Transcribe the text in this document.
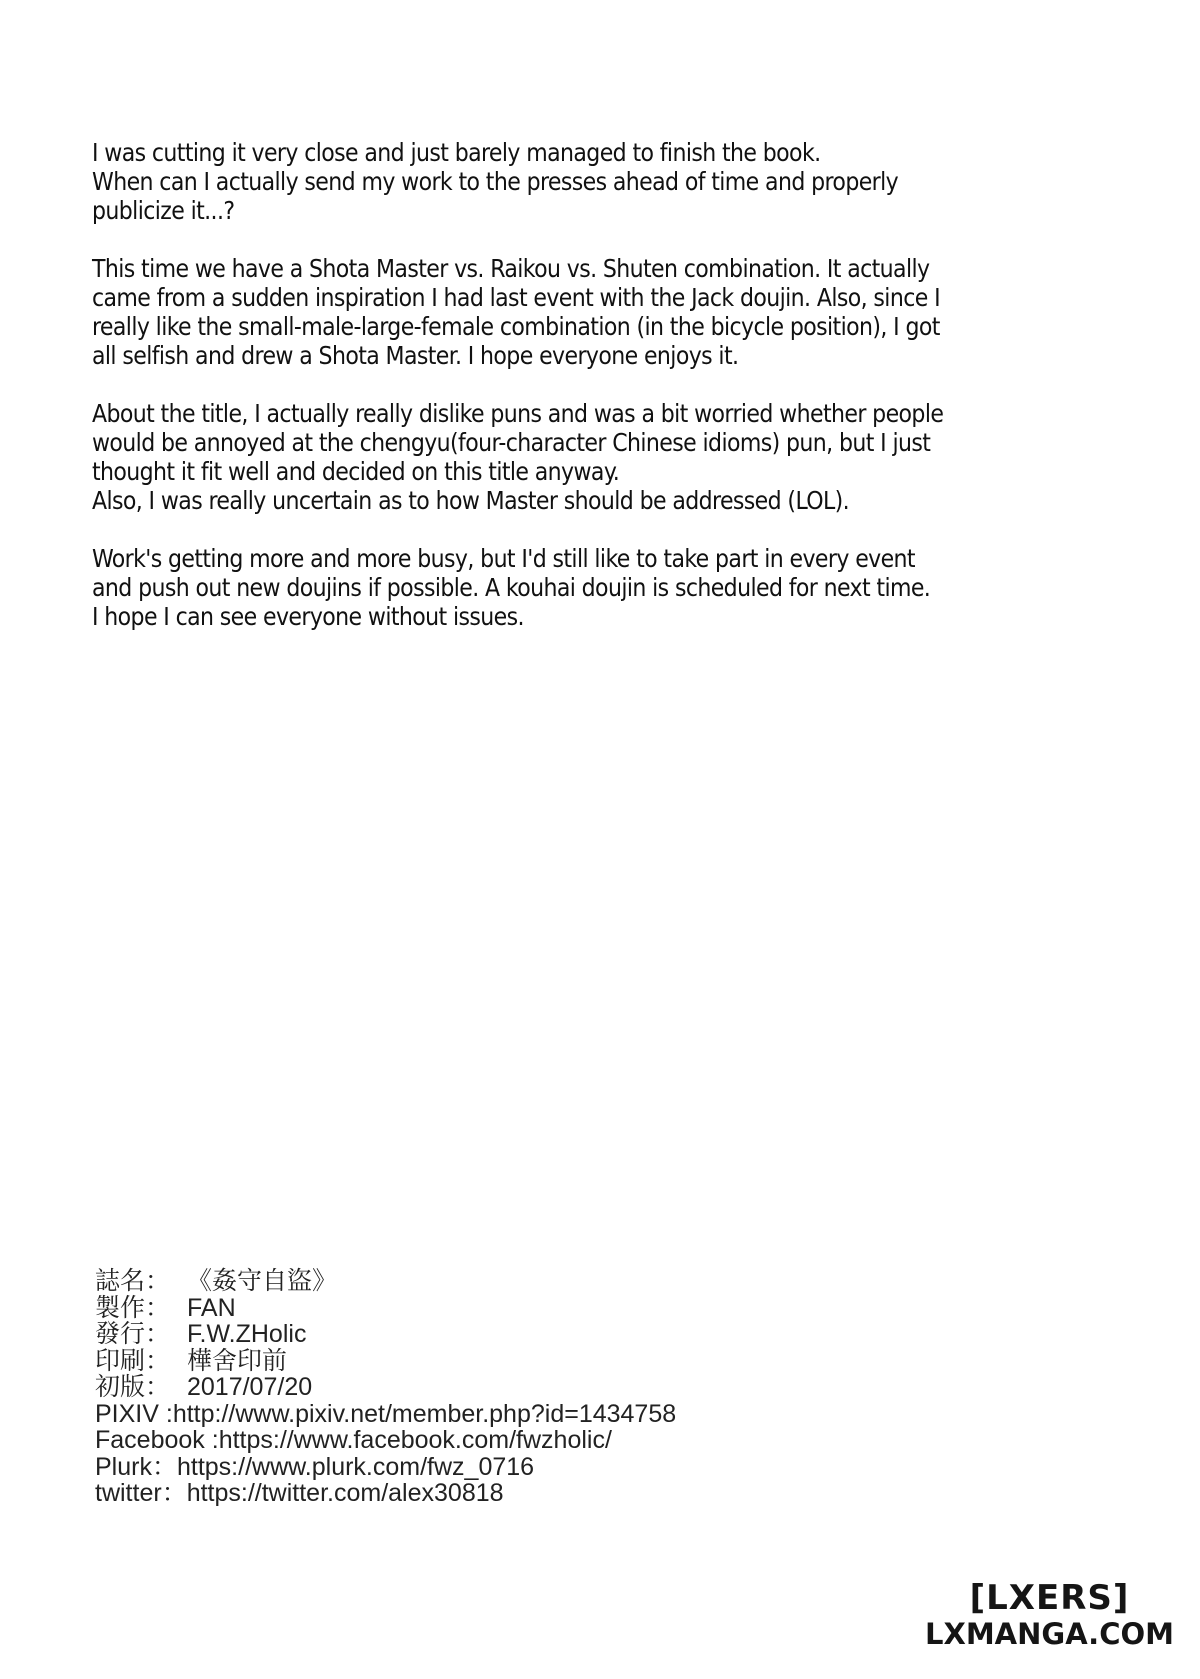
I was cutting it very close and just barely managed to finish the book.
When can I actually send my work to the presses ahead of time and properly
publicize it...?

This time we have a Shota Master vs. Raikou vs. Shuten combination. It actually
came from a sudden inspiration I had last event with the Jack doujin. Also, since I
really like the small-male-large-female combination (in the bicycle position), I got
all selfish and drew a Shota Master. I hope everyone enjoys it.

About the title, I actually really dislike puns and was a bit worried whether people
would be annoyed at the chengyu(four-character Chinese idioms) pun, but I just
thought it fit well and decided on this title anyway.
Also, I was really uncertain as to how Master should be addressed (LOL).

Work's getting more and more busy, but I'd still like to take part in every event
and push out new doujins if possible. A kouhai doujin is scheduled for next time.
I hope I can see everyone without issues.

誌名： 《姦守自盜》
製作： FAN
發行： F.W.ZHolic
印刷： 樺舍印前
初版： 2017/07/20
PIXIV :http://www.pixiv.net/member.php?id=1434758
Facebook :https://www.facebook.com/fwzholic/
Plurk：https://www.plurk.com/fwz_0716
twitter：https://twitter.com/alex30818
[LXERS]
LXMANGA.COM
